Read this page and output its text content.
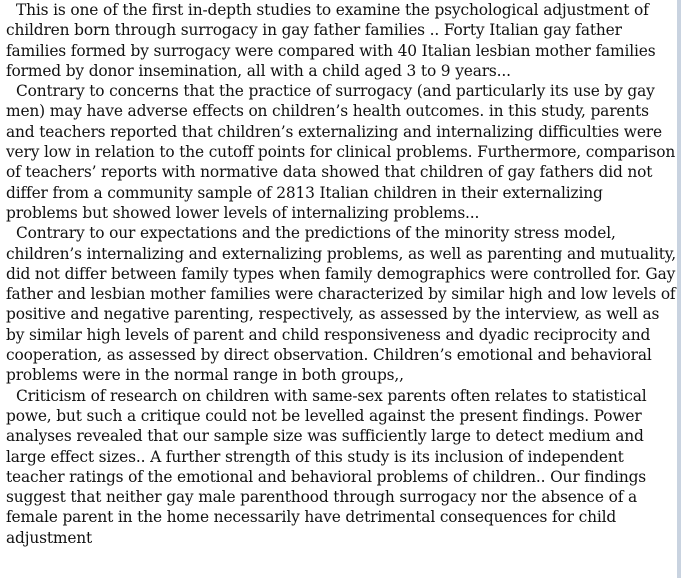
This is one of the first in-depth studies to examine the psychological adjustment of children born through surrogacy in gay father families .. Forty Italian gay father families formed by surrogacy were compared with 40 Italian lesbian mother families formed by donor insemination, all with a child aged 3 to 9 years...

Contrary to concerns that the practice of surrogacy (and particularly its use by gay men) may have adverse effects on children’s health outcomes. in this study, parents and teachers reported that children’s externalizing and internalizing difficulties were very low in relation to the cutoff points for clinical problems. Furthermore, comparison of teachers’ reports with normative data showed that children of gay fathers did not differ from a community sample of 2813 Italian children in their externalizing problems but showed lower levels of internalizing problems...

Contrary to our expectations and the predictions of the minority stress model, children’s internalizing and externalizing problems, as well as parenting and mutuality, did not differ between family types when family demographics were controlled for. Gay father and lesbian mother families were characterized by similar high and low levels of positive and negative parenting, respectively, as assessed by the interview, as well as by similar high levels of parent and child responsiveness and dyadic reciprocity and cooperation, as assessed by direct observation. Children’s emotional and behavioral problems were in the normal range in both groups,,

Criticism of research on children with same-sex parents often relates to statistical powe, but such a critique could not be levelled against the present findings. Power analyses revealed that our sample size was sufficiently large to detect medium and large effect sizes.. A further strength of this study is its inclusion of independent teacher ratings of the emotional and behavioral problems of children.. Our findings suggest that neither gay male parenthood through surrogacy nor the absence of a female parent in the home necessarily have detrimental consequences for child adjustment
